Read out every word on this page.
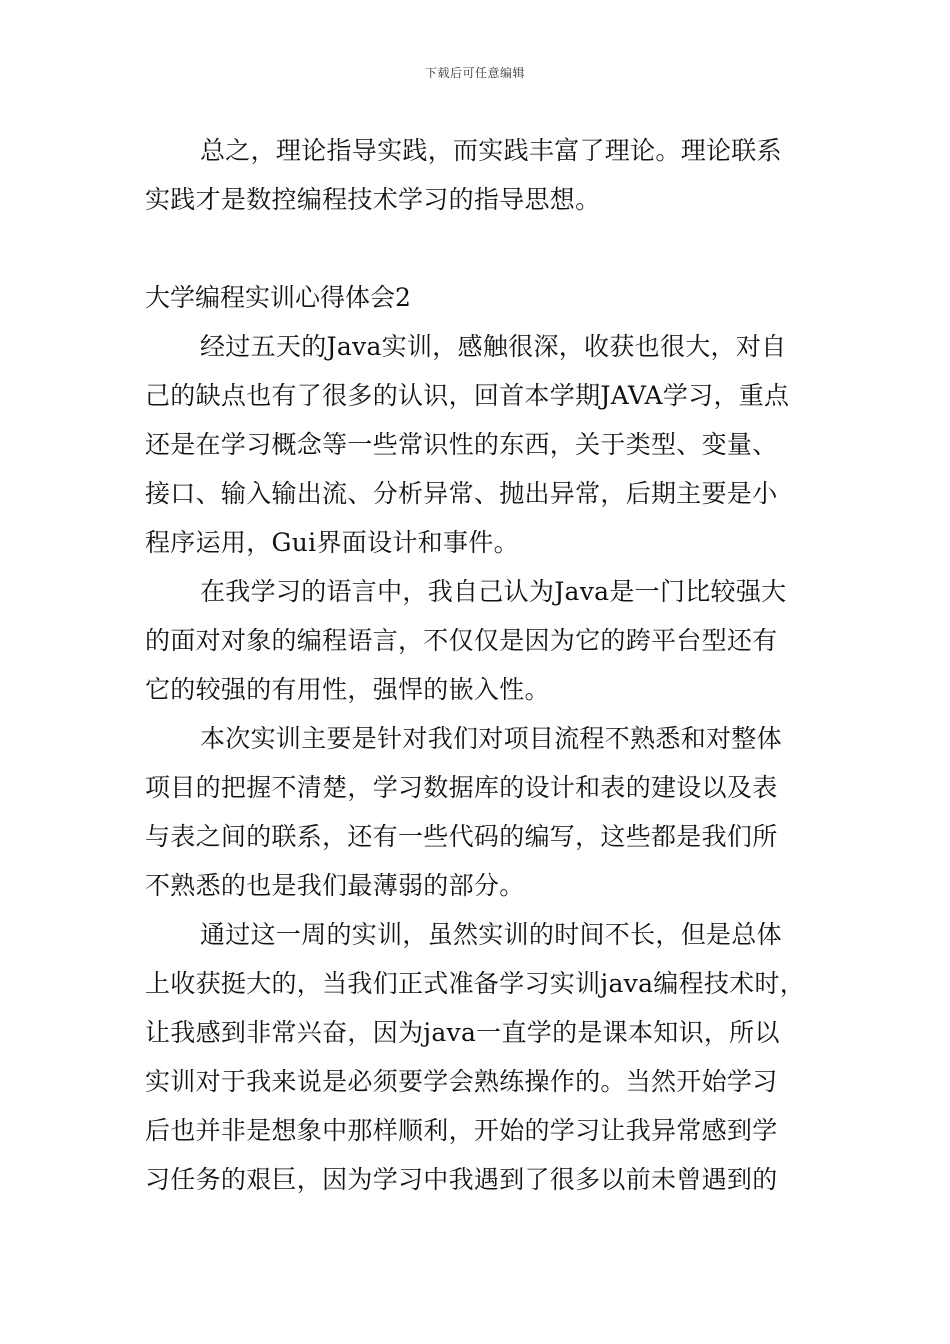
下载后可任意编辑
总之，理论指导实践，而实践丰富了理论。理论联系
实践才是数控编程技术学习的指导思想。
大学编程实训心得体会2
经过五天的Java实训，感触很深，收获也很大，对自
己的缺点也有了很多的认识，回首本学期JAVA学习，重点
还是在学习概念等一些常识性的东西，关于类型、变量、
接口、输入输出流、分析异常、抛出异常，后期主要是小
程序运用，Gui界面设计和事件。
在我学习的语言中，我自己认为Java是一门比较强大
的面对对象的编程语言，不仅仅是因为它的跨平台型还有
它的较强的有用性，强悍的嵌入性。
本次实训主要是针对我们对项目流程不熟悉和对整体
项目的把握不清楚，学习数据库的设计和表的建设以及表
与表之间的联系，还有一些代码的编写，这些都是我们所
不熟悉的也是我们最薄弱的部分。
通过这一周的实训，虽然实训的时间不长，但是总体
上收获挺大的，当我们正式准备学习实训java编程技术时，
让我感到非常兴奋，因为java一直学的是课本知识，所以
实训对于我来说是必须要学会熟练操作的。当然开始学习
后也并非是想象中那样顺利，开始的学习让我异常感到学
习任务的艰巨，因为学习中我遇到了很多以前未曾遇到的
